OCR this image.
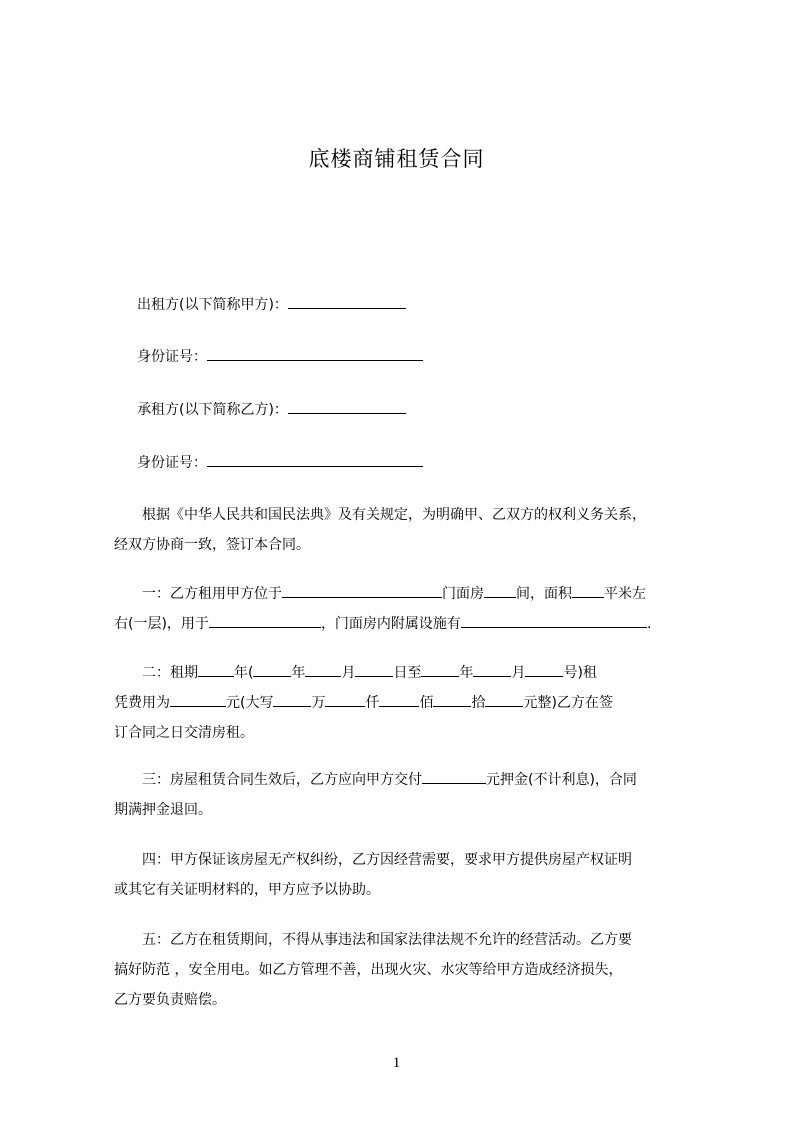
底楼商铺租赁合同
出租方(以下简称甲方)：
身份证号：
承租方(以下简称乙方)：
身份证号：
根据《中华人民共和国民法典》及有关规定，为明确甲、乙双方的权利义务关系，
经双方协商一致，签订本合同。
一：乙方租用甲方位于	门面房 间，面积 平米左
右(一层)，用于	，门面房内附属设施有	.
二：租期	年(	年	月	日至	年	月	号)租
凭费用为	元(大写	万	仟	佰	拾	元整)乙方在签
订合同之日交清房租。
三：房屋租赁合同生效后，乙方应向甲方交付	元押金(不计利息)，合同
期满押金退回。
四：甲方保证该房屋无产权纠纷，乙方因经营需要，要求甲方提供房屋产权证明
或其它有关证明材料的，甲方应予以协助。
五：乙方在租赁期间，不得从事违法和国家法律法规不允许的经营活动。乙方要
搞好防范 ，安全用电。如乙方管理不善，出现火灾、水灾等给甲方造成经济损失，
乙方要负责赔偿。
1
